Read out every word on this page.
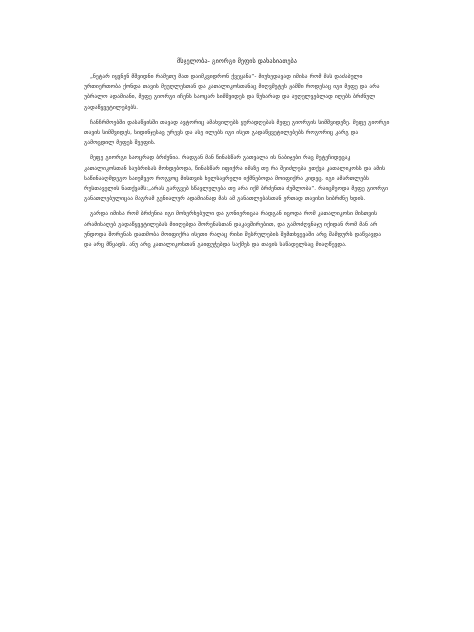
მსჯელობა- გიორგი მეფის დახასიათება

„ნეტარ იყვნენ მშვიდნი რამეთუ მათ დაიმკვიდრონ ქვეყანა“- მიუხედავად იმისა რომ მას დაძაბული ურთიერთობა ქონდა თავის მეუღლესთან და კათალიკოსთანაც მიღვმეტეს ჟამში როდესაც იგი მეფე და არა უბრალო ადამიანი, მეფე გიორგი იჩენს საოცარ სიმშვიდეს და წუხარად და აუღელვებლად იღებს ბრძნულ გადაწყვეტილებებს.

ჩანჩრმოებში დასაწყისში თავად ავტორიც ამახვილებს ყურადღებას მეფე გიორგის სიმშვიდეზე. მეფე გიორგი თავის სიმშვიდეს, სიდინჯესაც ურევს და ასე ილებს იგი ისეთ გადაწყვეტილებებს როგორიც კარგ და გამოცდილ მეფეს შეეფის.

მეფე გიორგი საოცრად ბრძენია. რადგან მან წინასწარ გათვალა ის ნაბიჯები რაც მეტეჩიდეცაკ კათალიკოსთან საუბრისას მოხდებოდა, წინასწარ იფიქრა იმაზე თუ რა შეიძლება ეთქვა კათალიკოსს და ამის საწინააღმდეგო საიუმვეო როგვოც მისთვის ხელსაყრელი იქმნებოდა მოიფიქრა კიდეც. იგი ამართლებს რუსთაველის ნათქვამს:„არას გარგვებ სწავლულება თუ არა იქმ ბრძენთა ძუშლობა“. რაიცმეოდა მეფე გიორგი განათლებულიცაა მაგრამ გენიალურ ადამიანად მას ამ განათლებასთან ერთად თავისი სიბრძნე ხდის.

გარდა იმისა რომ ბრძენია იგი მოხერხებული და გონიერიცაა რადგან იცოდა რომ კათალიკოსი მისთვის არამისაღებ გადაწყვეტილებას მიიღებდა შორენასთან დაკავშირებით, და გამოძღვნაჯუ იქიდან რომ მან არ უნდოდა შორენას დათმობა მოიფიქრა ისეთი რაღაც რისი შესრულების შემთხვევაში არც შამდურს დაწვავდა და არც მწყადს. ანუ არც კათალიკოსთან გაიფუჭებდა საქმეს და თავის საწადელსაც მიაღწევდა.
